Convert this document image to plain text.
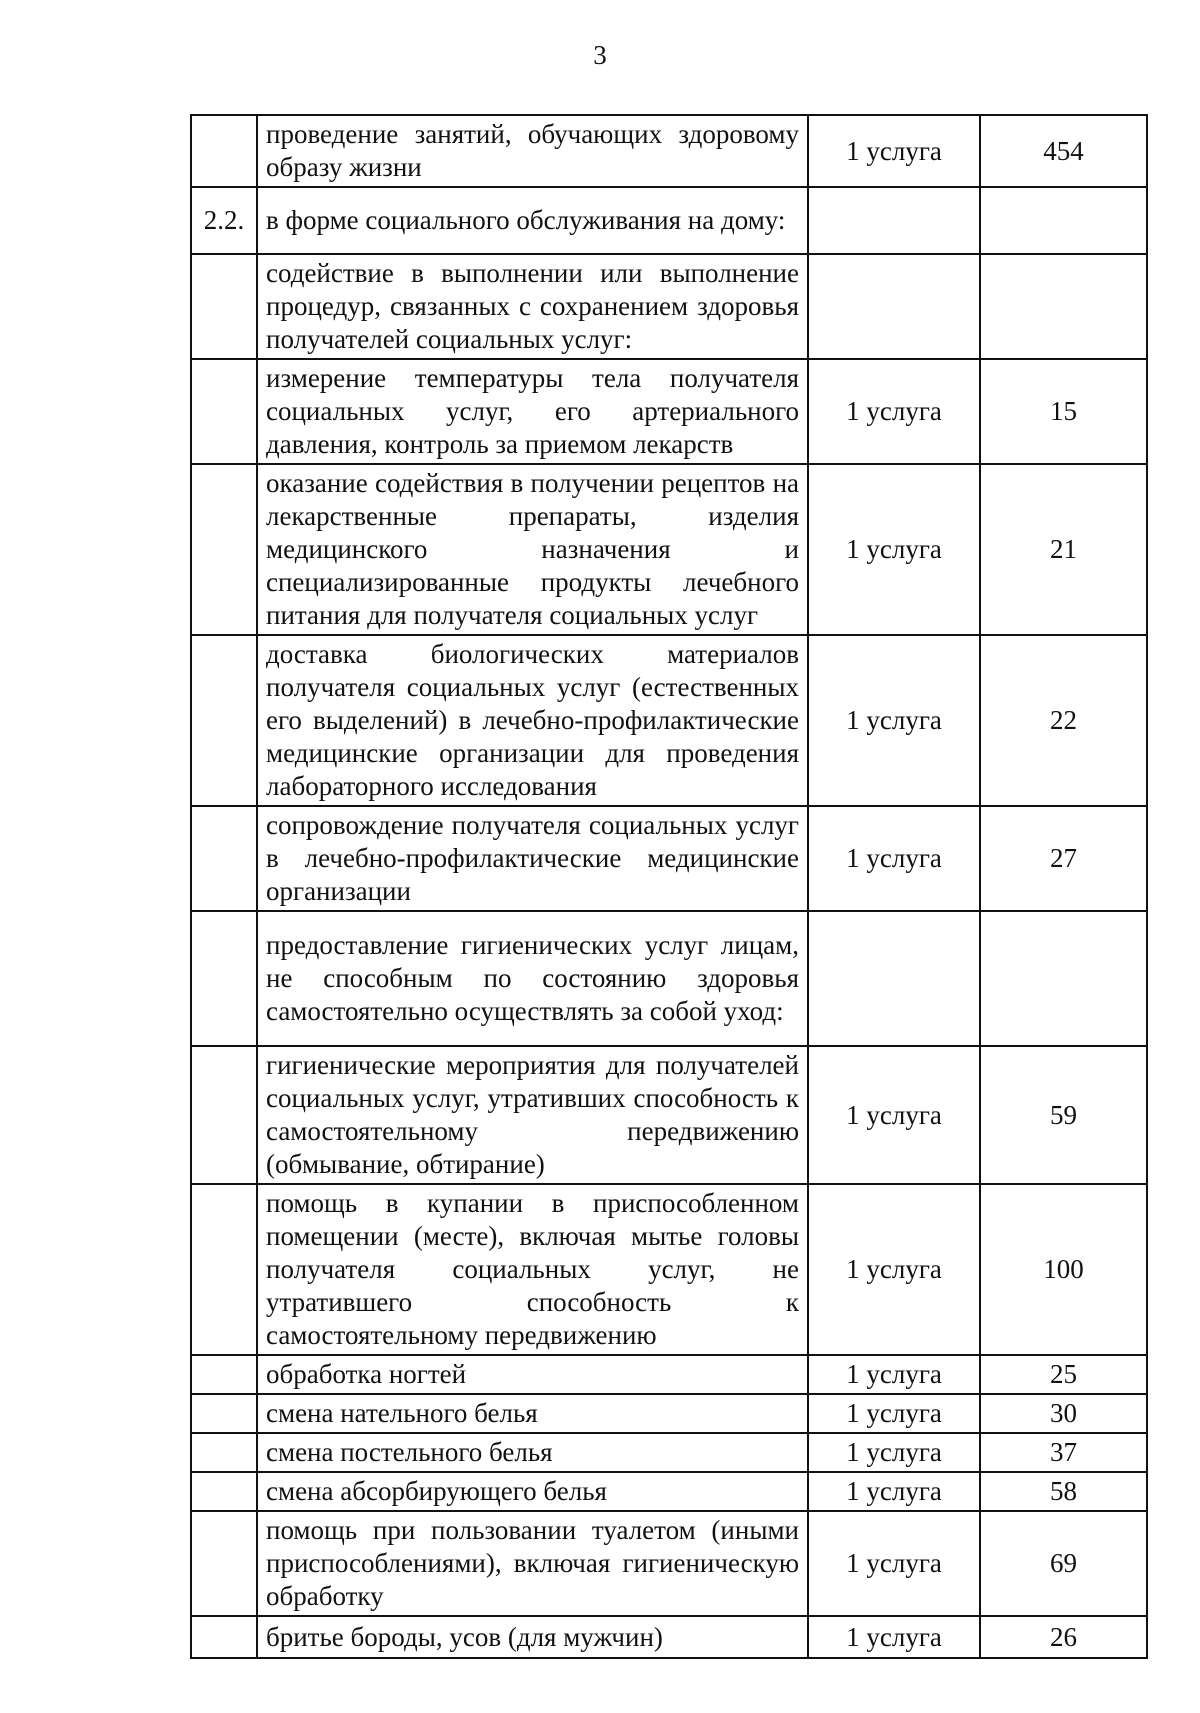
3
	проведение занятий, обучающих здоровому образу жизни	1 услуга	454
2.2.	в форме социального обслуживания на дому:		
	содействие в выполнении или выполнение процедур, связанных с сохранением здоровья получателей социальных услуг:		
	измерение температуры тела получателя социальных услуг, его артериального давления, контроль за приемом лекарств	1 услуга	15
	оказание содействия в получении рецептов на лекарственные препараты, изделия медицинского назначения и специализированные продукты лечебного питания для получателя социальных услуг	1 услуга	21
	доставка биологических материалов получателя социальных услуг (естественных его выделений) в лечебно-профилактические медицинские организации для проведения лабораторного исследования	1 услуга	22
	сопровождение получателя социальных услуг в лечебно-профилактические медицинские организации	1 услуга	27
	предоставление гигиенических услуг лицам, не способным по состоянию здоровья самостоятельно осуществлять за собой уход:		
	гигиенические мероприятия для получателей социальных услуг, утративших способность к самостоятельному передвижению (обмывание, обтирание)	1 услуга	59
	помощь в купании в приспособленном помещении (месте), включая мытье головы получателя социальных услуг, не утратившего способность к самостоятельному передвижению	1 услуга	100
	обработка ногтей	1 услуга	25
	смена нательного белья	1 услуга	30
	смена постельного белья	1 услуга	37
	смена абсорбирующего белья	1 услуга	58
	помощь при пользовании туалетом (иными приспособлениями), включая гигиеническую обработку	1 услуга	69
	бритье бороды, усов (для мужчин)	1 услуга	26
